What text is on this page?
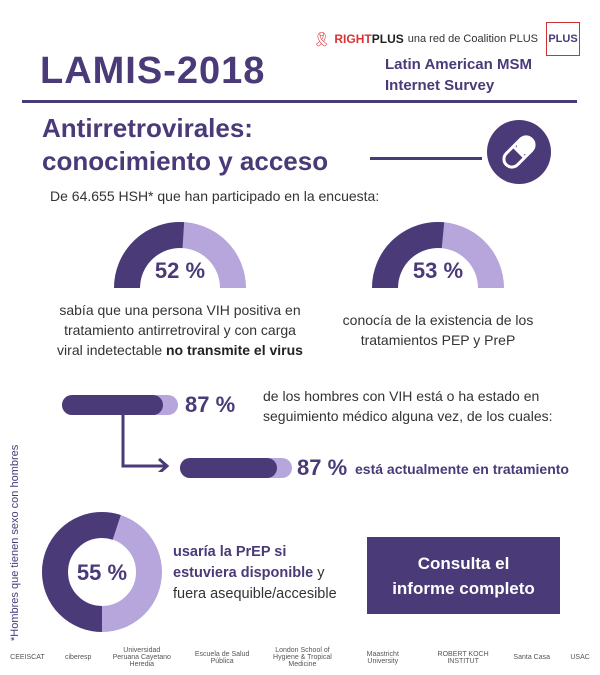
🎗 RIGHTPLUS una red de Coalition PLUS PLUS
LAMIS-2018	Latin American MSM
Internet Survey
Antirretrovirales:
conocimiento y acceso
De 64.655 HSH* que han participado en la encuesta:
52 %
sabía que una persona VIH positiva en
tratamiento antirretroviral y con carga
viral indetectable no transmite el virus
53 %
conocía de la existencia de los
tratamientos PEP y PreP
87 % de los hombres con VIH está o ha estado en
seguimiento médico alguna vez, de los cuales:
87 % está actualmente en tratamiento
*Hombres que tienen sexo con hombres	55 %
usaría la PrEP si
estuviera disponible y
fuera asequible/accesible
Consulta el
informe completo
CEEISCAT	ciberesp
Universidad Peruana Cayetano Heredia
Escuela de Salud Pública
London School of Hygiene & Tropical Medicine
Maastricht University
ROBERT KOCH INSTITUT	Santa Casa	USAC
